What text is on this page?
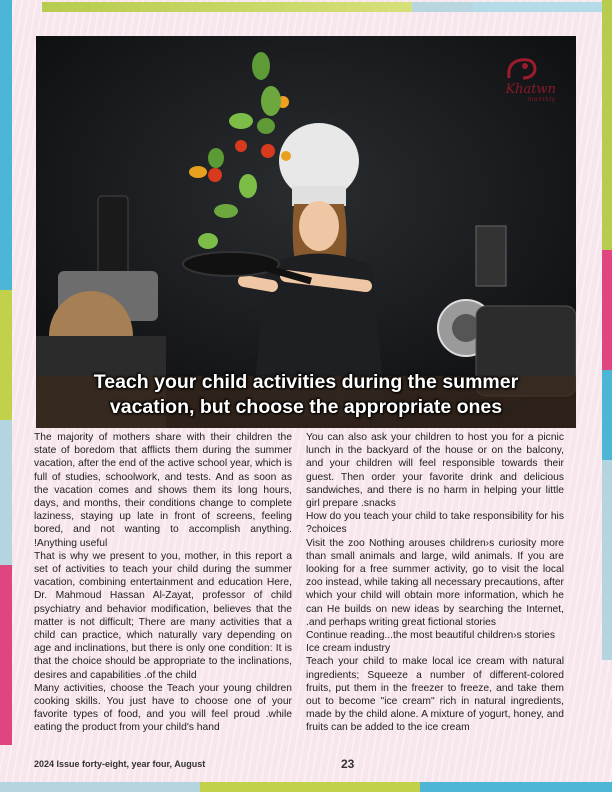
Khatwn
monthly
Teach your child activities during the summer
vacation, but choose the appropriate ones

The majority of mothers share with their children the state of boredom that afflicts them during the summer vacation, after the end of the active school year, which is full of studies, schoolwork, and tests. And as soon as the vacation comes and shows them its long hours, days, and months, their conditions change to complete laziness, staying up late in front of screens, feeling bored, and not wanting to accomplish anything. !Anything useful

That is why we present to you, mother, in this report a set of activities to teach your child during the summer vacation, combining entertainment and education Here, Dr. Mahmoud Hassan Al-Zayat, professor of child psychiatry and behavior modification, believes that the matter is not difficult; There are many activities that a child can practice, which naturally vary depending on age and inclinations, but there is only one condition: It is that the choice should be appropriate to the inclinations, desires and capabilities .of the child

Many activities, choose the Teach your young children cooking skills. You just have to choose one of your favorite types of food, and you will feel proud .while eating the product from your child's hand

You can also ask your children to host you for a picnic lunch in the backyard of the house or on the balcony, and your children will feel responsible towards their guest. Then order your favorite drink and delicious sandwiches, and there is no harm in helping your little girl prepare .snacks

How do you teach your child to take responsibility for his ?choices

Visit the zoo Nothing arouses children›s curiosity more than small animals and large, wild animals. If you are looking for a free summer activity, go to visit the local zoo instead, while taking all necessary precautions, after which your child will obtain more information, which he can He builds on new ideas by searching the Internet, .and perhaps writing great fictional stories

Continue reading...the most beautiful children›s stories

Ice cream industry

Teach your child to make local ice cream with natural ingredients; Squeeze a number of different-colored fruits, put them in the freezer to freeze, and take them out to become "ice cream" rich in natural ingredients, made by the child alone. A mixture of yogurt, honey, and fruits can be added to the ice cream

2024 Issue forty-eight, year four, August	23
